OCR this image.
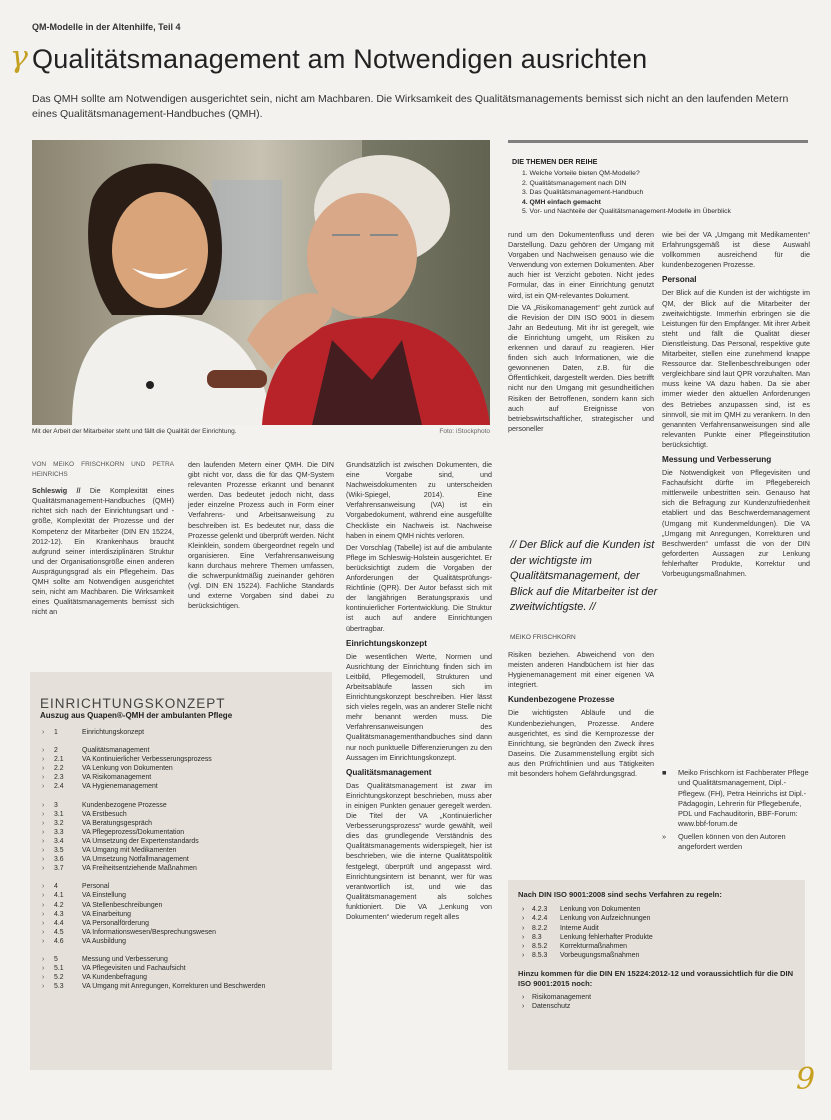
QM-Modelle in der Altenhilfe, Teil 4
γ Qualitätsmanagement am Notwendigen ausrichten
Das QMH sollte am Notwendigen ausgerichtet sein, nicht am Machbaren. Die Wirksamkeit des Qualitätsmanagements bemisst sich nicht an den laufenden Metern eines Qualitätsmanagement-Handbuches (QMH).
Mit der Arbeit der Mitarbeiter steht und fällt die Qualität der Einrichtung.	Foto: iStockphoto
DIE THEMEN DER REIHE
1. Welche Vorteile bieten QM-Modelle?
2. Qualitätsmanagement nach DIN
3. Das Qualitätsmanagement-Handbuch
4. QMH einfach gemacht
5. Vor- und Nachteile der Qualitätsmanagement-Modelle im Überblick

VON MEIKO FRISCHKORN UND PETRA HEINRICHS

Schleswig // Die Komplexität eines Qualitätsmanagement-Handbuches (QMH) richtet sich nach der Einrichtungsart und -größe, Komplexität der Prozesse und der Kompetenz der Mitarbeiter (DIN EN 15224, 2012-12). Ein Krankenhaus braucht aufgrund seiner interdisziplinären Struktur und der Organisationsgröße einen anderen Ausprägungsgrad als ein Pflegeheim. Das QMH sollte am Notwendigen ausgerichtet sein, nicht am Machbaren. Die Wirksamkeit eines Qualitätsmanagements bemisst sich nicht an

den laufenden Metern einer QMH. Die DIN gibt nicht vor, dass die für das QM-System relevanten Prozesse erkannt und benannt werden. Das bedeutet jedoch nicht, dass jeder einzelne Prozess auch in Form einer Verfahrens- und Arbeitsanweisung zu beschreiben ist. Es bedeutet nur, dass die Prozesse gelenkt und überprüft werden. Nicht Kleinklein, sondern übergeordnet regeln und organisieren. Eine Verfahrensanweisung kann durchaus mehrere Themen umfassen, die schwerpunktmäßig zueinander gehören (vgl. DIN EN 15224). Fachliche Standards und externe Vorgaben sind dabei zu berücksichtigen.

Grundsätzlich ist zwischen Dokumenten, die eine Vorgabe sind, und Nachweisdokumenten zu unterscheiden (Wiki-Spiegel, 2014). Eine Verfahrensanweisung (VA) ist ein Vorgabedokument, während eine ausgefüllte Checkliste ein Nachweis ist. Nachweise haben in einem QMH nichts verloren.

Der Vorschlag (Tabelle) ist auf die ambulante Pflege im Schleswig-Holstein ausgerichtet. Er berücksichtigt zudem die Vorgaben der Anforderungen der Qualitätsprüfungs-Richtlinie (QPR). Der Autor befasst sich mit der langjährigen Beratungspraxis und kontinuierlicher Fortentwicklung. Die Struktur ist auch auf andere Einrichtungen übertragbar.

Einrichtungskonzept

Die wesentlichen Werte, Normen und Ausrichtung der Einrichtung finden sich im Leitbild, Pflegemodell, Strukturen und Arbeitsabläufe lassen sich im Einrichtungskonzept beschreiben. Hier lässt sich vieles regeln, was an anderer Stelle nicht mehr benannt werden muss. Die Verfahrensanweisungen des Qualitätsmanagementhandbuches sind dann nur noch punktuelle Differenzierungen zu den Aussagen im Einrichtungskonzept.

Qualitätsmanagement

Das Qualitätsmanagement ist zwar im Einrichtungskonzept beschrieben, muss aber in einigen Punkten genauer geregelt werden. Die Titel der VA „Kontinuierlicher Verbesserungsprozess“ wurde gewählt, weil dies das grundlegende Verständnis des Qualitätsmanagements widerspiegelt, hier ist beschrieben, wie die interne Qualitätspolitik festgelegt, überprüft und angepasst wird. Einrichtungsintern ist benannt, wer für was verantwortlich ist, und wie das Qualitätsmanagement als solches funktioniert. Die VA „Lenkung von Dokumenten“ wiederum regelt alles

rund um den Dokumentenfluss und deren Darstellung. Dazu gehören der Umgang mit Vorgaben und Nachweisen genauso wie die Verwendung von externen Dokumenten. Aber auch hier ist Verzicht geboten. Nicht jedes Formular, das in einer Einrichtung genutzt wird, ist ein QM-relevantes Dokument.

Die VA „Risikomanagement“ geht zurück auf die Revision der DIN ISO 9001 in diesem Jahr an Bedeutung. Mit ihr ist geregelt, wie die Einrichtung umgeht, um Risiken zu erkennen und darauf zu reagieren. Hier finden sich auch Informationen, wie die gewonnenen Daten, z.B. für die Öffentlichkeit, dargestellt werden. Dies betrifft nicht nur den Umgang mit gesundheitlichen Risiken der Betroffenen, sondern kann sich auch auf Ereignisse von betriebswirtschaftlicher, strategischer und personeller

// Der Blick auf die Kunden ist der wichtigste im Qualitätsmanagement, der Blick auf die Mitarbeiter ist der zweitwichtigste. //
MEIKO FRISCHKORN

Risiken beziehen. Abweichend von den meisten anderen Handbüchern ist hier das Hygienemanagement mit einer eigenen VA integriert.

Kundenbezogene Prozesse

Die wichtigsten Abläufe und die Kundenbeziehungen, Prozesse. Andere ausgerichtet, es sind die Kernprozesse der Einrichtung, sie begründen den Zweck ihres Daseins. Die Zusammenstellung ergibt sich aus den Prüfrichtlinien und aus Tätigkeiten mit besonders hohem Gefährdungsgrad.

wie bei der VA „Umgang mit Medikamenten“ Erfahrungsgemäß ist diese Auswahl vollkommen ausreichend für die kundenbezogenen Prozesse.

Personal

Der Blick auf die Kunden ist der wichtigste im QM, der Blick auf die Mitarbeiter der zweitwichtigste. Immerhin erbringen sie die Leistungen für den Empfänger. Mit ihrer Arbeit steht und fällt die Qualität dieser Dienstleistung. Das Personal, respektive gute Mitarbeiter, stellen eine zunehmend knappe Ressource dar. Stellenbeschreibungen oder vergleichbare sind laut QPR vorzuhalten. Man muss keine VA dazu haben. Da sie aber immer wieder den aktuellen Anforderungen des Betriebes anzupassen sind, ist es sinnvoll, sie mit im QMH zu verankern. In den genannten Verfahrensanweisungen sind alle relevanten Punkte einer Pflegeinstitution berücksichtigt.

Messung und Verbesserung

Die Notwendigkeit von Pflegevisiten und Fachaufsicht dürfte im Pflegebereich mittlerweile unbestritten sein. Genauso hat sich die Befragung zur Kundenzufriedenheit etabliert und das Beschwerdemanagement (Umgang mit Kundenmeldungen). Die VA „Umgang mit Anregungen, Korrekturen und Beschwerden“ umfasst die von der DIN geforderten Aussagen zur Lenkung fehlerhafter Produkte, Korrektur und Vorbeugungsmaßnahmen.

■	Meiko Frischkorn ist Fachberater Pflege und Qualitätsmanagement, Dipl.-Pflegew. (FH), Petra Heinrichs ist Dipl.-Pädagogin, Lehrerin für Pflegeberufe, PDL und Fachauditorin, BBF-Forum: www.bbf-forum.de
»	Quellen können von den Autoren angefordert werden
EINRICHTUNGSKONZEPT
Auszug aus Quapen®-QMH der ambulanten Pflege
›	1	Einrichtungskonzept
›	2	Qualitätsmanagement
›	2.1	VA Kontinuierlicher Verbesserungsprozess
›	2.2	VA Lenkung von Dokumenten
›	2.3	VA Risikomanagement
›	2.4	VA Hygienemanagement
›	3	Kundenbezogene Prozesse
›	3.1	VA Erstbesuch
›	3.2	VA Beratungsgespräch
›	3.3	VA Pflegeprozess/Dokumentation
›	3.4	VA Umsetzung der Expertenstandards
›	3.5	VA Umgang mit Medikamenten
›	3.6	VA Umsetzung Notfallmanagement
›	3.7	VA Freiheitsentziehende Maßnahmen
›	4	Personal
›	4.1	VA Einstellung
›	4.2	VA Stellenbeschreibungen
›	4.3	VA Einarbeitung
›	4.4	VA Personalförderung
›	4.5	VA Informationswesen/Besprechungswesen
›	4.6	VA Ausbildung
›	5	Messung und Verbesserung
›	5.1	VA Pflegevisiten und Fachaufsicht
›	5.2	VA Kundenbefragung
›	5.3	VA Umgang mit Anregungen, Korrekturen und Beschwerden
Nach DIN ISO 9001:2008 sind sechs Verfahren zu regeln:
›	4.2.3	Lenkung von Dokumenten
›	4.2.4	Lenkung von Aufzeichnungen
›	8.2.2	Interne Audit
›	8.3	Lenkung fehlerhafter Produkte
›	8.5.2	Korrekturmaßnahmen
›	8.5.3	Vorbeugungsmaßnahmen
Hinzu kommen für die DIN EN 15224:2012-12 und voraussichtlich für die DIN ISO 9001:2015 noch:
›	Risikomanagement
›	Datenschutz
9
